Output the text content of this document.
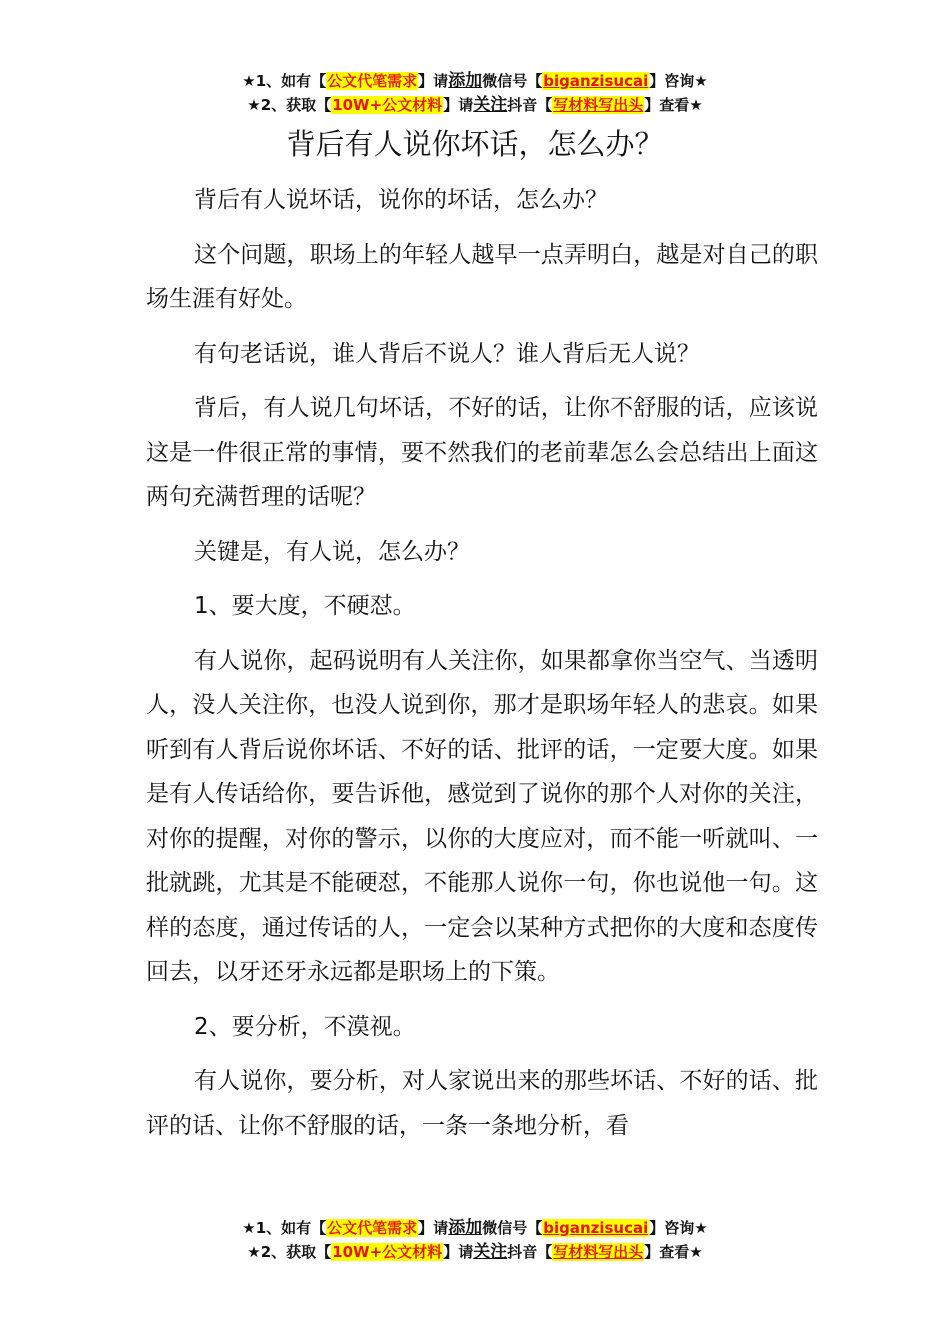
★1、如有【公文代笔需求】请添加微信号【biganzisucai】咨询★
★2、获取【10W+公文材料】请关注抖音【写材料写出头】查看★
背后有人说你坏话，怎么办？

背后有人说坏话，说你的坏话，怎么办？

这个问题，职场上的年轻人越早一点弄明白，越是对自己的职场生涯有好处。

有句老话说，谁人背后不说人？谁人背后无人说？

背后，有人说几句坏话，不好的话，让你不舒服的话，应该说这是一件很正常的事情，要不然我们的老前辈怎么会总结出上面这两句充满哲理的话呢？

关键是，有人说，怎么办？

1、要大度，不硬怼。

有人说你，起码说明有人关注你，如果都拿你当空气、当透明人，没人关注你，也没人说到你，那才是职场年轻人的悲哀。如果听到有人背后说你坏话、不好的话、批评的话，一定要大度。如果是有人传话给你，要告诉他，感觉到了说你的那个人对你的关注，对你的提醒，对你的警示，以你的大度应对，而不能一听就叫、一批就跳，尤其是不能硬怼，不能那人说你一句，你也说他一句。这样的态度，通过传话的人，一定会以某种方式把你的大度和态度传回去，以牙还牙永远都是职场上的下策。

2、要分析，不漠视。

有人说你，要分析，对人家说出来的那些坏话、不好的话、批评的话、让你不舒服的话，一条一条地分析，看

★1、如有【公文代笔需求】请添加微信号【biganzisucai】咨询★
★2、获取【10W+公文材料】请关注抖音【写材料写出头】查看★
